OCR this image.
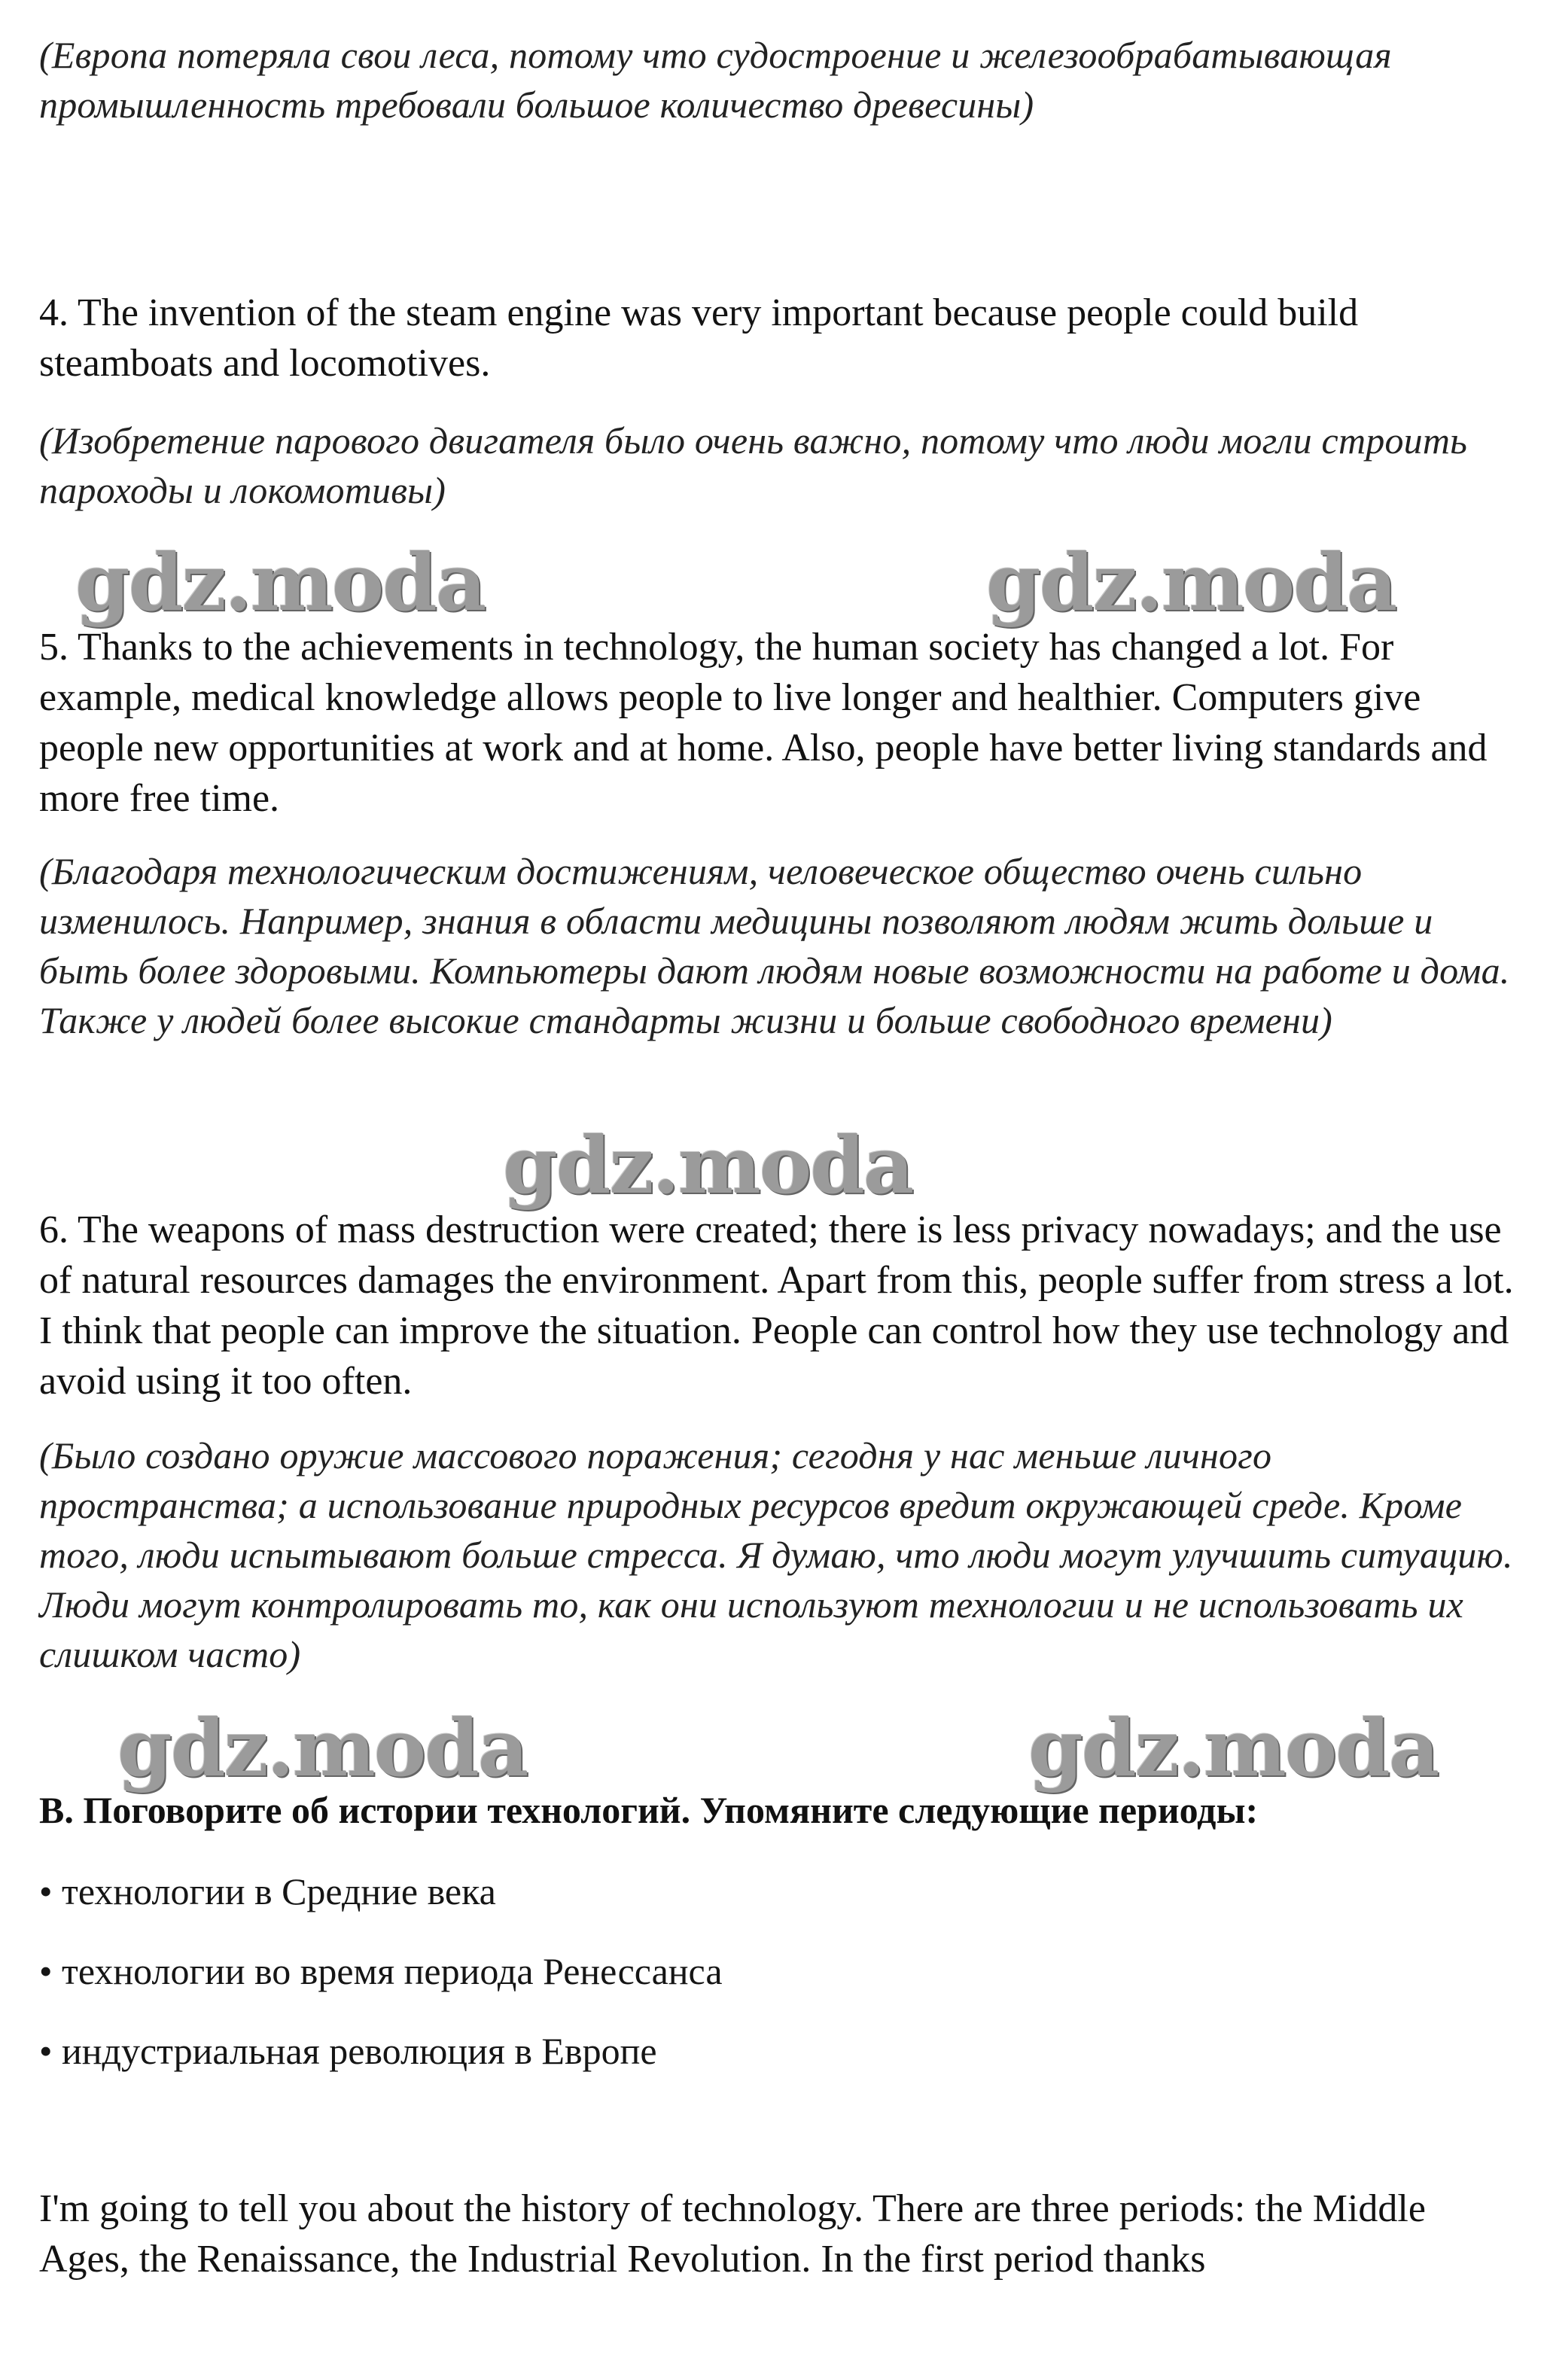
(Европа потеряла свои леса, потому что судостроение и железообрабатывающая промышленность требовали большое количество древесины)

4. The invention of the steam engine was very important because people could build steamboats and locomotives.

(Изобретение парового двигателя было очень важно, потому что люди могли строить пароходы и локомотивы)

gdz.moda	gdz.moda

5. Thanks to the achievements in technology, the human society has changed a lot. For example, medical knowledge allows people to live longer and healthier. Computers give people new opportunities at work and at home. Also, people have better living standards and more free time.

(Благодаря технологическим достижениям, человеческое общество очень сильно изменилось. Например, знания в области медицины позволяют людям жить дольше и быть более здоровыми. Компьютеры дают людям новые возможности на работе и дома. Также у людей более высокие стандарты жизни и больше свободного времени)

gdz.moda

6. The weapons of mass destruction were created; there is less privacy nowadays; and the use of natural resources damages the environment. Apart from this, people suffer from stress a lot. I think that people can improve the situation. People can control how they use technology and avoid using it too often.

(Было создано оружие массового поражения; сегодня у нас меньше личного пространства; а использование природных ресурсов вредит окружающей среде. Кроме того, люди испытывают больше стресса. Я думаю, что люди могут улучшить ситуацию. Люди могут контролировать то, как они используют технологии и не использовать их слишком часто)

gdz.moda	gdz.moda

B. Поговорите об истории технологий. Упомяните следующие периоды:

• технологии в Средние века

• технологии во время периода Ренессанса

• индустриальная революция в Европе

I'm going to tell you about the history of technology. There are three periods: the Middle Ages, the Renaissance, the Industrial Revolution. In the first period thanks
